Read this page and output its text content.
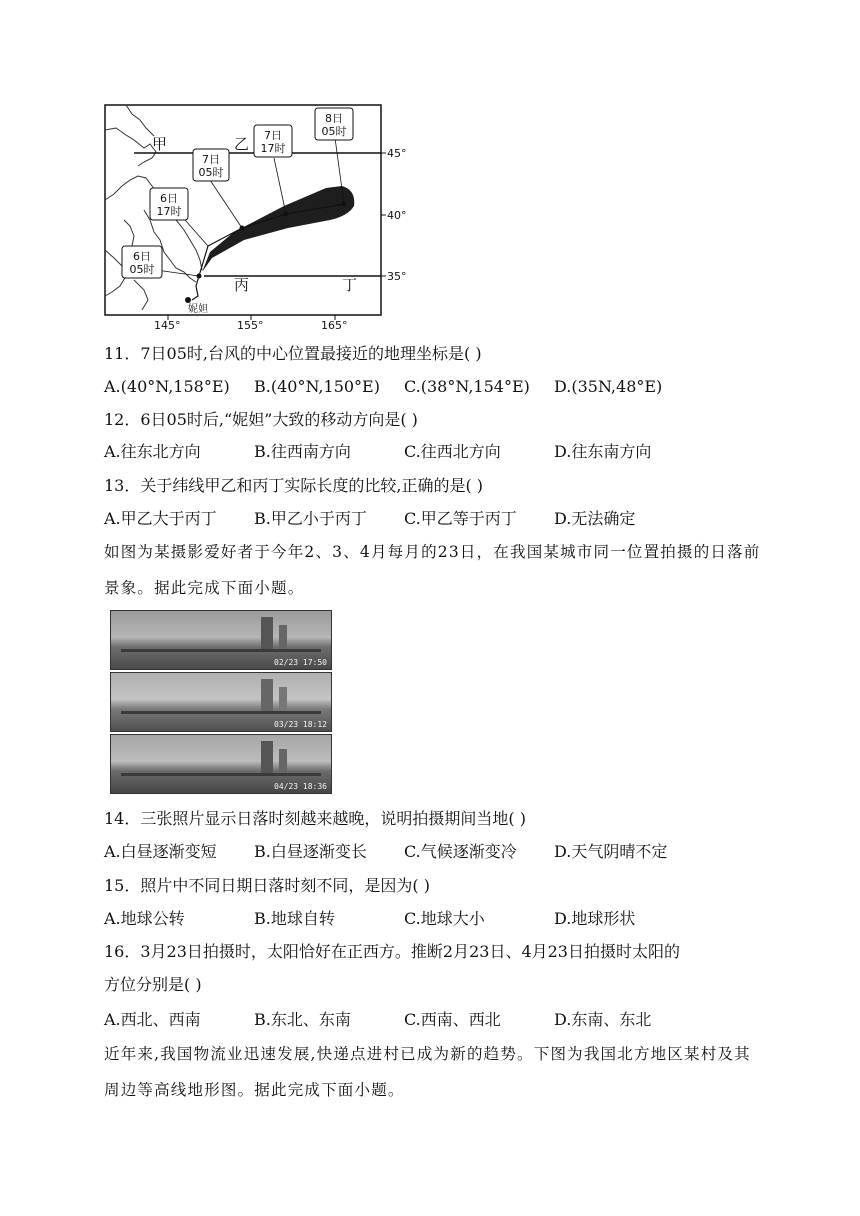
6日
05时
6日
17时
7日
05时
7日
17时
8日
05时
甲	乙
丙	丁
妮妲
45°
40°
35°
145°	155°	165°
11．7日05时,台风的中心位置最接近的地理坐标是( )
A.(40°N,158°E) B.(40°N,150°E) C.(38°N,154°E) D.(35N,48°E)
12．6日05时后,“妮妲”大致的移动方向是( )
A.往东北方向	B.往西南方向	C.往西北方向	D.往东南方向
13．关于纬线甲乙和丙丁实际长度的比较,正确的是( )
A.甲乙大于丙丁 B.甲乙小于丙丁 C.甲乙等于丙丁 D.无法确定
如图为某摄影爱好者于今年2、3、4月每月的23日，在我国某城市同一位置拍摄的日落前景象。据此完成下面小题。
02/23 17:50
03/23 18:12
04/23 18:36
14．三张照片显示日落时刻越来越晚，说明拍摄期间当地( )
A.白昼逐渐变短 B.白昼逐渐变长 C.气候逐渐变冷 D.天气阴晴不定
15．照片中不同日期日落时刻不同，是因为( )
A.地球公转	B.地球自转	C.地球大小	D.地球形状
16．3月23日拍摄时，太阳恰好在正西方。推断2月23日、4月23日拍摄时太阳的
方位分别是( )
A.西北、西南	B.东北、东南	C.西南、西北	D.东南、东北
近年来,我国物流业迅速发展,快递点进村已成为新的趋势。下图为我国北方地区某村及其周边等高线地形图。据此完成下面小题。
